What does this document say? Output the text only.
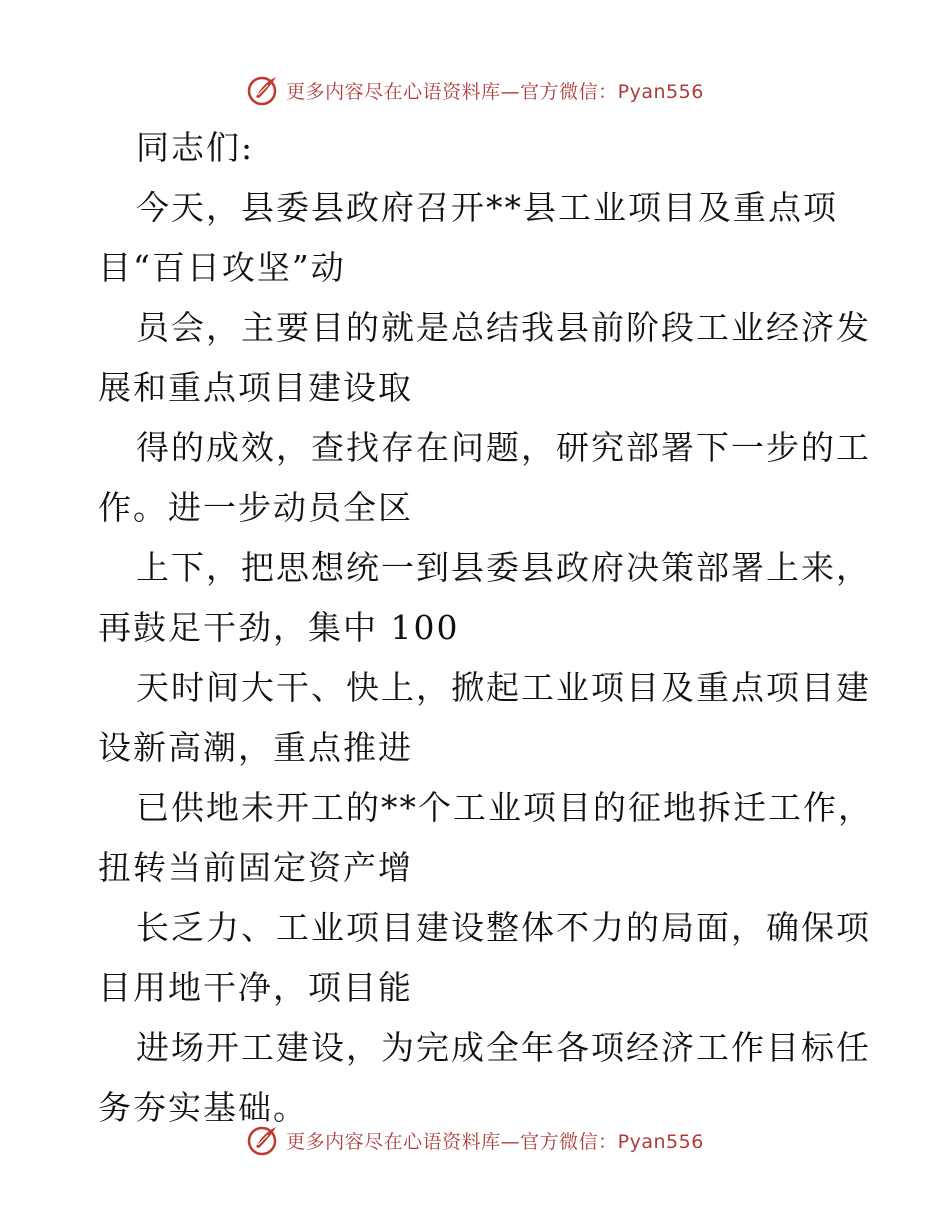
更多内容尽在心语资料库—官方微信：Pyan556
同志们:
今天，县委县政府召开**县工业项目及重点项
目“百日攻坚”动
员会，主要目的就是总结我县前阶段工业经济发
展和重点项目建设取
得的成效，查找存在问题，研究部署下一步的工
作。进一步动员全区
上下，把思想统一到县委县政府决策部署上来，
再鼓足干劲，集中 100
天时间大干、快上，掀起工业项目及重点项目建
设新高潮，重点推进
已供地未开工的**个工业项目的征地拆迁工作，
扭转当前固定资产增
长乏力、工业项目建设整体不力的局面，确保项
目用地干净，项目能
进场开工建设，为完成全年各项经济工作目标任
务夯实基础。
更多内容尽在心语资料库—官方微信：Pyan556
